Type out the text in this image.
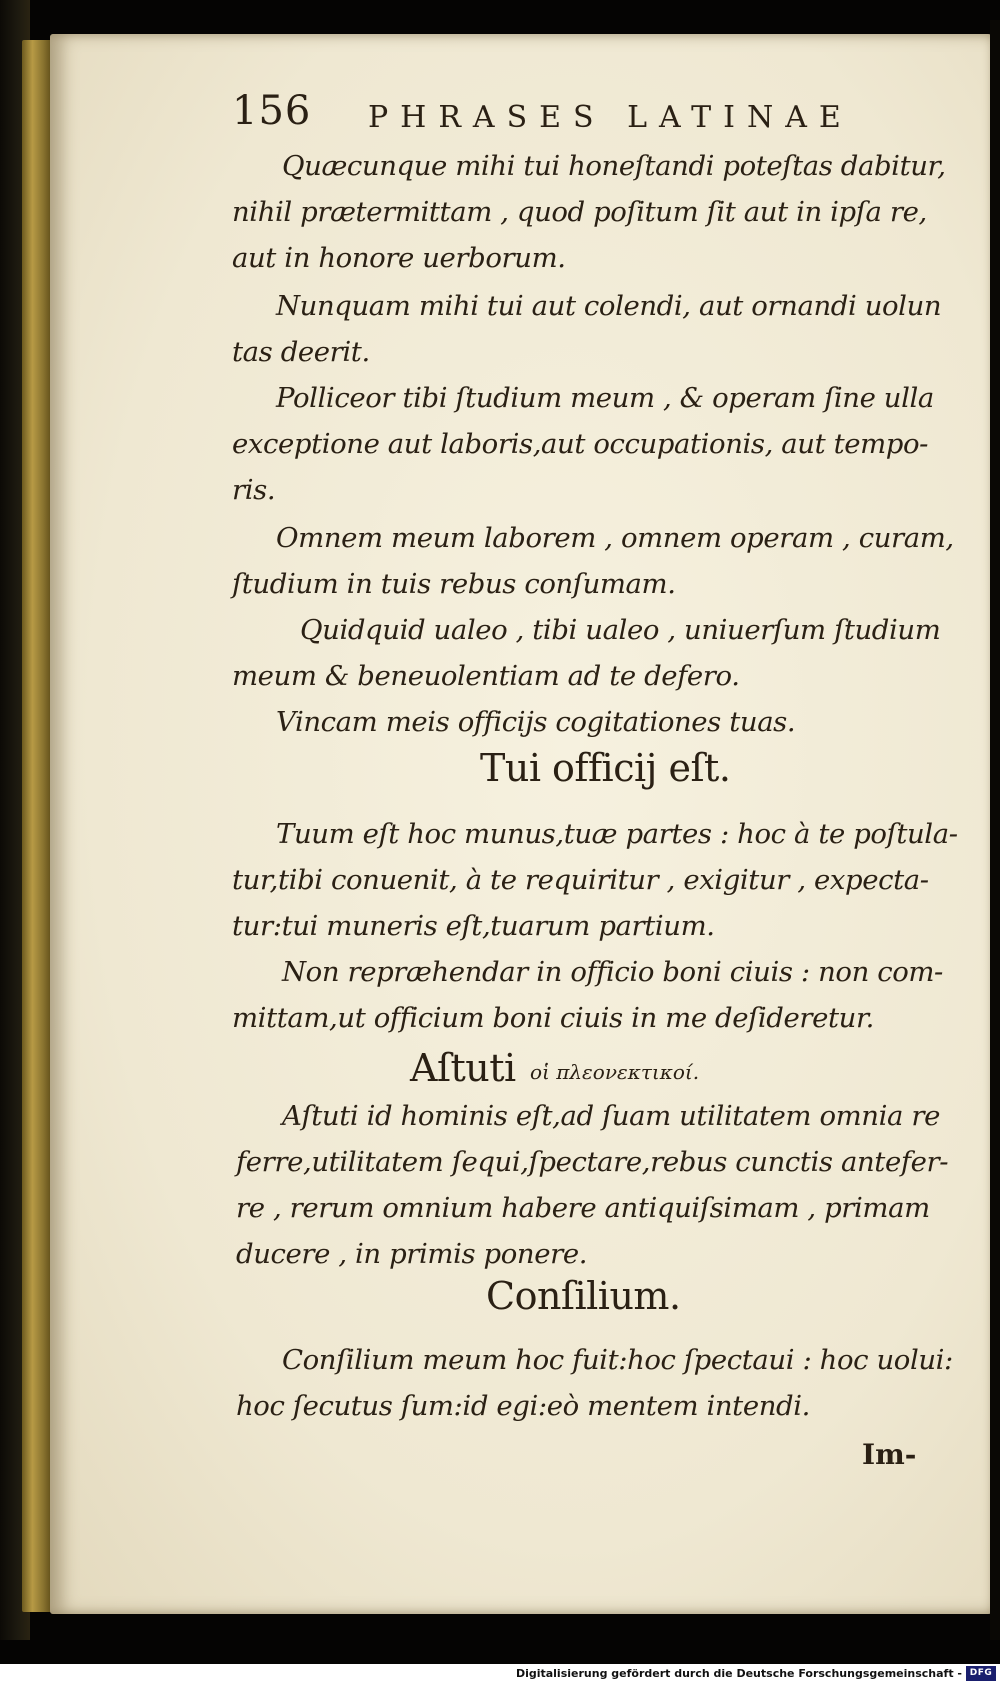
156 PHRASES LATINAE
Quæcunque mihi tui honeſtandi poteſtas dabitur,
nihil prætermittam , quod poſitum ſit aut in ipſa re,
aut in honore uerborum.
Nunquam mihi tui aut colendi, aut ornandi uolun
tas deerit.
Polliceor tibi ſtudium meum , & operam ſine ulla
exceptione aut laboris,aut occupationis, aut tempo-
ris.
Omnem meum laborem , omnem operam , curam,
ſtudium in tuis rebus conſumam.
Quidquid ualeo , tibi ualeo , uniuerſum ſtudium
meum & beneuolentiam ad te defero.
Vincam meis officijs cogitationes tuas.
Tui officij eſt.
Tuum eſt hoc munus,tuæ partes : hoc à te poſtula-
tur,tibi conuenit, à te requiritur , exigitur , expecta-
tur:tui muneris eſt,tuarum partium.
Non repræhendar in officio boni ciuis : non com-
mittam,ut officium boni ciuis in me deſideretur.
Aſtuti οἱ πλεονεκτικοί.
Aſtuti id hominis eſt,ad ſuam utilitatem omnia re
ferre,utilitatem ſequi,ſpectare,rebus cunctis antefer-
re , rerum omnium habere antiquiſsimam , primam
ducere , in primis ponere.
Conſilium.
Conſilium meum hoc fuit:hoc ſpectaui : hoc uolui:
hoc ſecutus ſum:id egi:eò mentem intendi.
Im-
Digitalisierung gefördert durch die Deutsche Forschungsgemeinschaft - DFG
